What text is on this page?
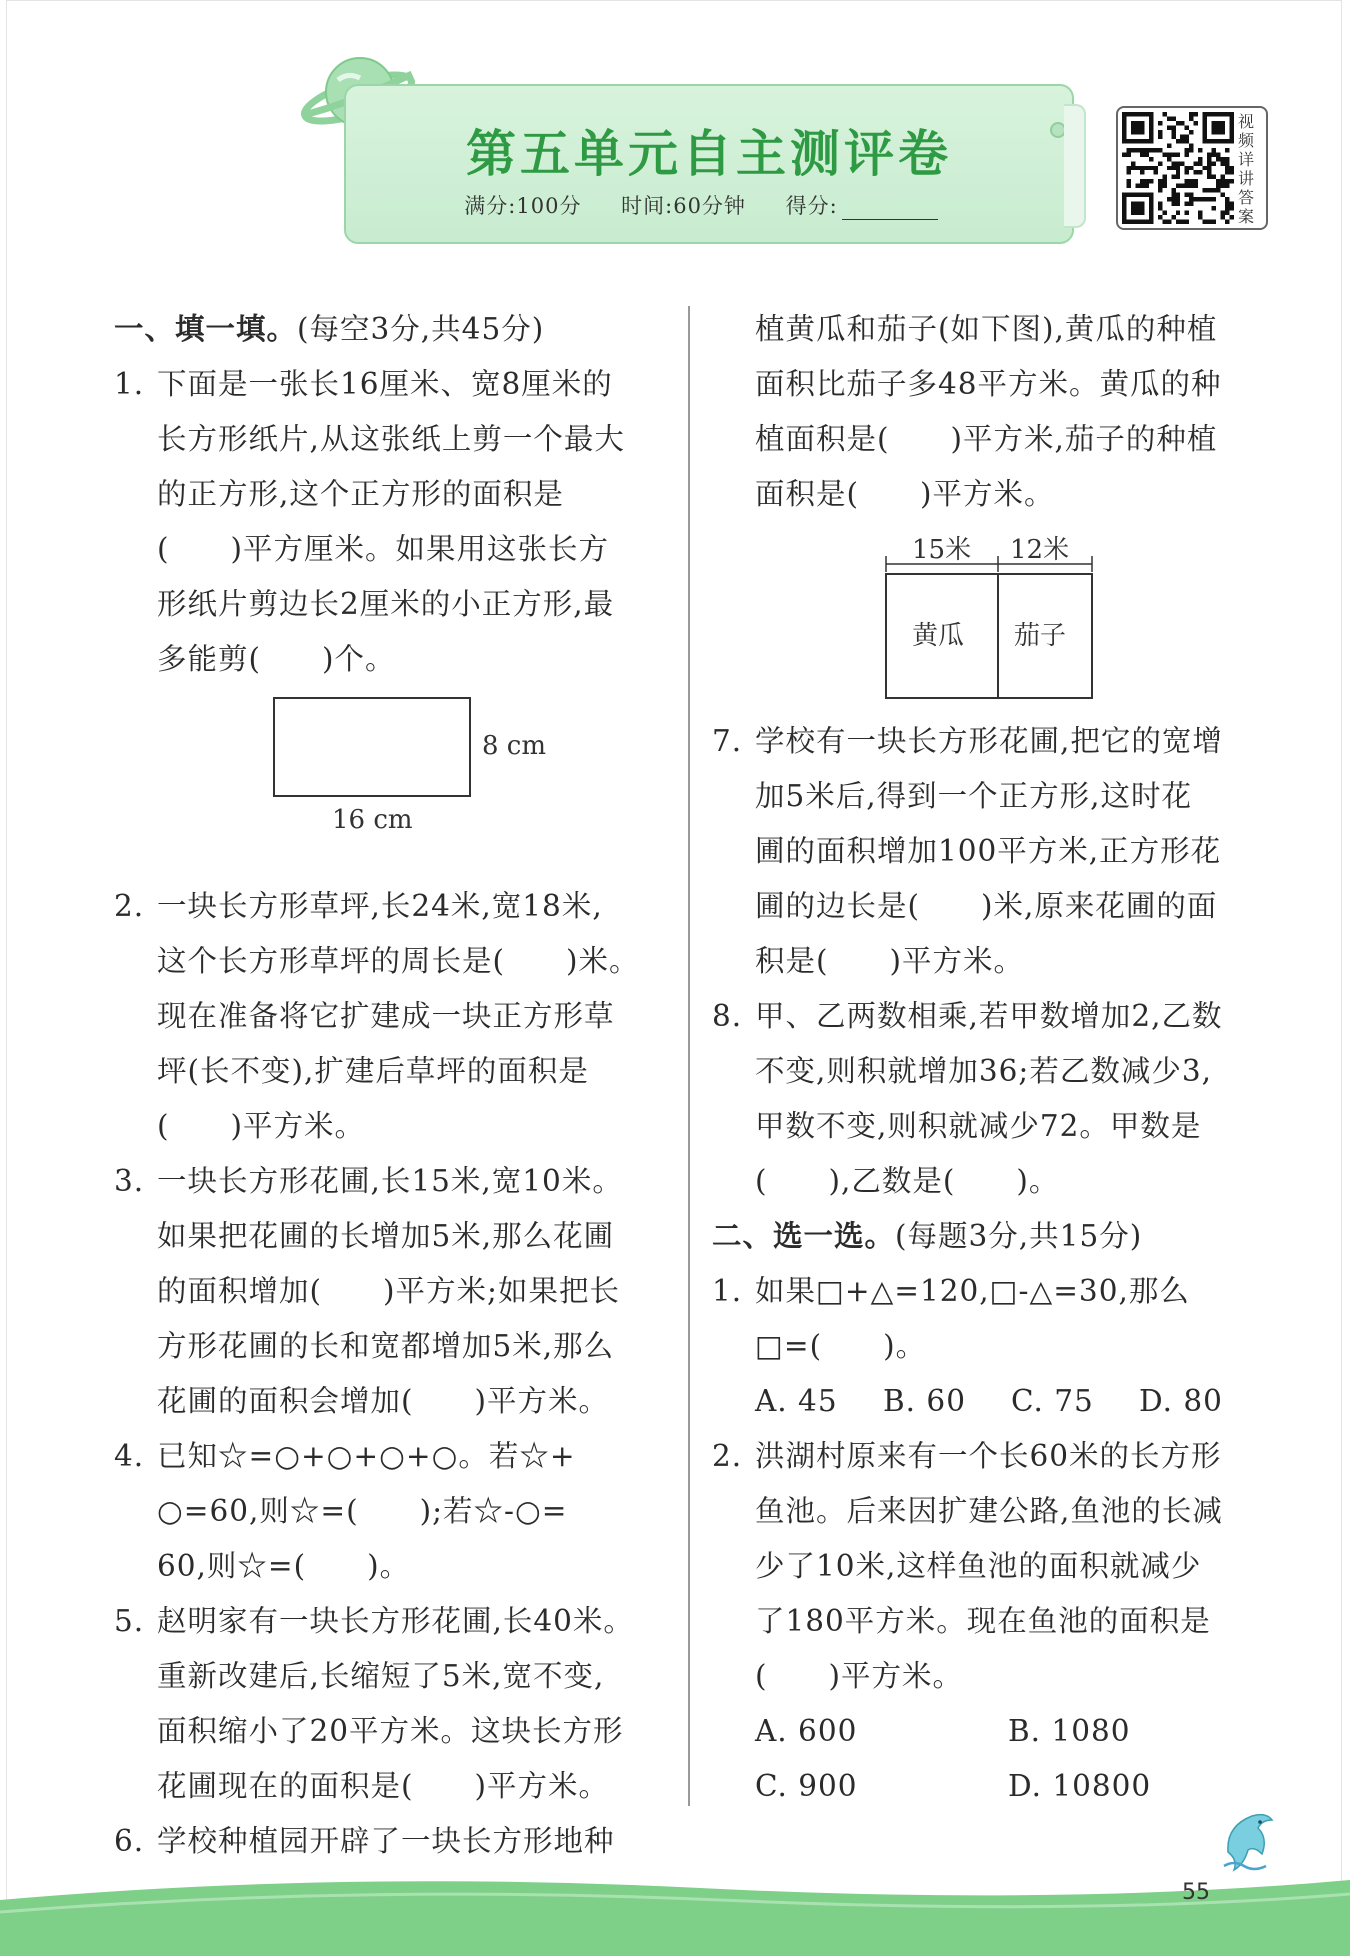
第五单元自主测评卷
满分:100分 时间:60分钟 得分:
视
频
详
讲
答
案
一、填一填。(每空3分,共45分)
1. 下面是一张长16厘米、宽8厘米的
长方形纸片,从这张纸上剪一个最大
的正方形,这个正方形的面积是
(　　)平方厘米。如果用这张长方
形纸片剪边长2厘米的小正方形,最
多能剪(　　)个。
2. 一块长方形草坪,长24米,宽18米,
这个长方形草坪的周长是(　　)米。
现在准备将它扩建成一块正方形草
坪(长不变),扩建后草坪的面积是
(　　)平方米。
3. 一块长方形花圃,长15米,宽10米。
如果把花圃的长增加5米,那么花圃
的面积增加(　　)平方米;如果把长
方形花圃的长和宽都增加5米,那么
花圃的面积会增加(　　)平方米。
4. 已知☆=○+○+○+○。若☆+
○=60,则☆=(　　);若☆-○=
60,则☆=(　　)。
5. 赵明家有一块长方形花圃,长40米。
重新改建后,长缩短了5米,宽不变,
面积缩小了20平方米。这块长方形
花圃现在的面积是(　　)平方米。
6. 学校种植园开辟了一块长方形地种
8 cm
16 cm
植黄瓜和茄子(如下图),黄瓜的种植
面积比茄子多48平方米。黄瓜的种
植面积是(　　)平方米,茄子的种植
面积是(　　)平方米。
7. 学校有一块长方形花圃,把它的宽增
加5米后,得到一个正方形,这时花
圃的面积增加100平方米,正方形花
圃的边长是(　　)米,原来花圃的面
积是(　　)平方米。
8. 甲、乙两数相乘,若甲数增加2,乙数
不变,则积就增加36;若乙数减少3,
甲数不变,则积就减少72。甲数是
(　　),乙数是(　　)。
二、选一选。(每题3分,共15分)
1. 如果□+△=120,□-△=30,那么
□=(　　)。
A. 45 B. 60 C. 75 D. 80
2. 洪湖村原来有一个长60米的长方形
鱼池。后来因扩建公路,鱼池的长减
少了10米,这样鱼池的面积就减少
了180平方米。现在鱼池的面积是
(　　)平方米。
A. 600	B. 1080
C. 900	D. 10800
15米 12米
黄瓜 茄子
55
